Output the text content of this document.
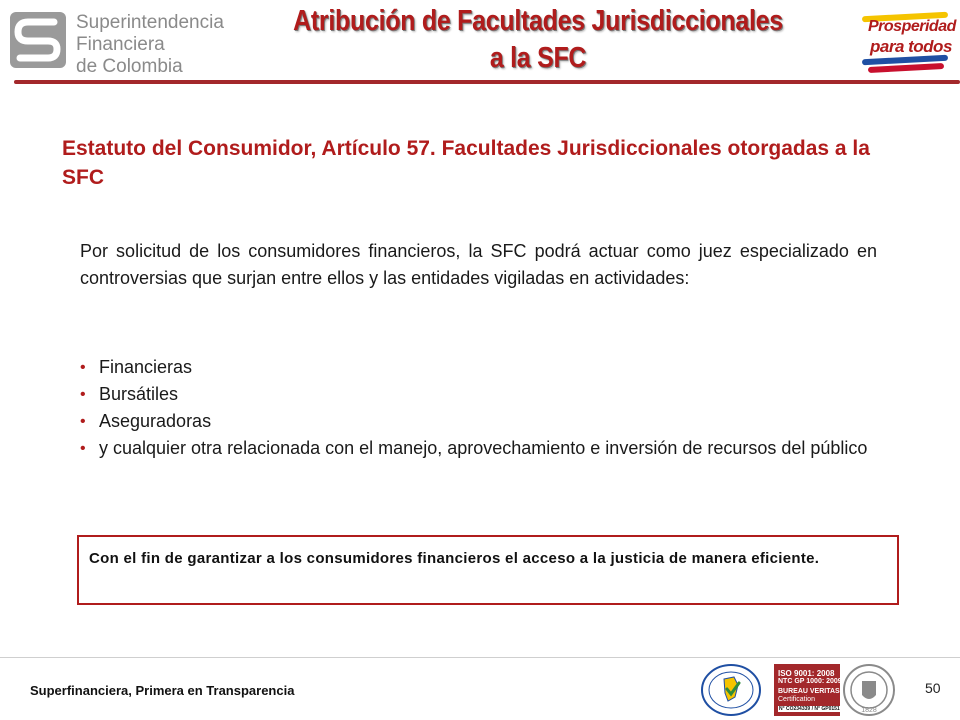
Superintendencia
Financiera
de Colombia
Atribución de Facultades Jurisdiccionales
a la SFC
Prosperidad
para todos
Estatuto del Consumidor, Artículo 57. Facultades Jurisdiccionales otorgadas a la SFC
Por solicitud de los consumidores financieros, la SFC podrá actuar como juez especializado en controversias que surjan entre ellos y las entidades vigiladas en actividades:
• Financieras
• Bursátiles
• Aseguradoras
• y cualquier otra relacionada con el manejo, aprovechamiento e inversión de recursos del público
Con el fin de garantizar a los consumidores financieros el acceso a la justicia de manera eficiente.
Superfinanciera, Primera en Transparencia
ISO 9001: 2008
NTC GP 1000: 2009
BUREAU VERITAS
Certification
N° CO234339 / N° GP0151	1828
50
